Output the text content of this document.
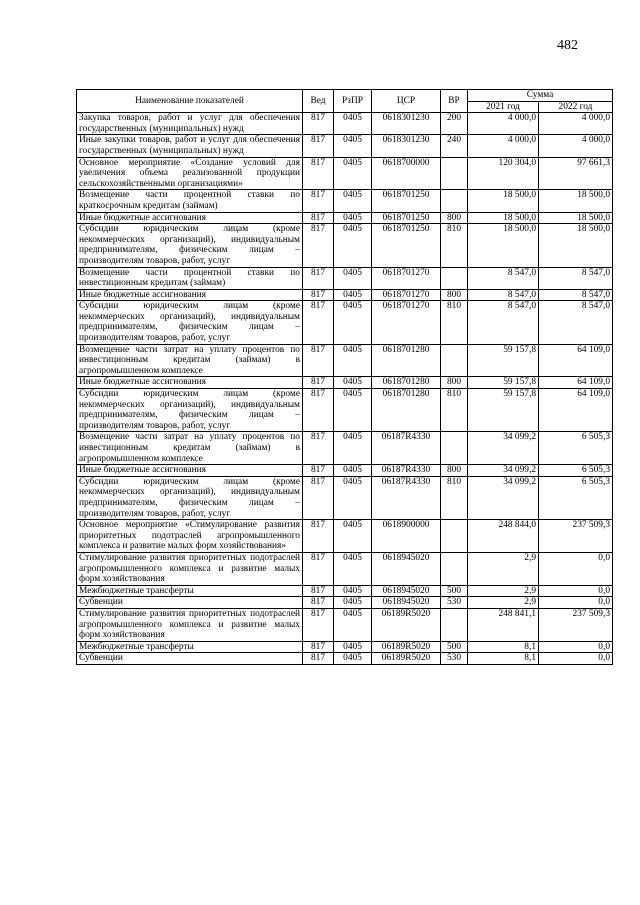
482
Наименование показателей	Вед	РзПР	ЦСР	ВР	Сумма	
					2021 год	2022 год
Закупка товаров, работ и услуг для обеспечения государственных (муниципальных) нужд	817	0405	0618301230	200	4 000,0	4 000,0
Иные закупки товаров, работ и услуг для обеспечения государственных (муниципальных) нужд	817	0405	0618301230	240	4 000,0	4 000,0
Основное мероприятие «Создание условий для увеличения объема реализованной продукции сельскохозяйственными организациями»	817	0405	0618700000		120 304,0	97 661,3
Возмещение части процентной ставки по краткосрочным кредитам (займам)	817	0405	0618701250		18 500,0	18 500,0
Иные бюджетные ассигнования	817	0405	0618701250	800	18 500,0	18 500,0
Субсидии юридическим лицам (кроме некоммерческих организаций), индивидуальным предпринимателям, физическим лицам – производителям товаров, работ, услуг	817	0405	0618701250	810	18 500,0	18 500,0
Возмещение части процентной ставки по инвестиционным кредитам (займам)	817	0405	0618701270		8 547,0	8 547,0
Иные бюджетные ассигнования	817	0405	0618701270	800	8 547,0	8 547,0
Субсидии юридическим лицам (кроме некоммерческих организаций), индивидуальным предпринимателям, физическим лицам – производителям товаров, работ, услуг	817	0405	0618701270	810	8 547,0	8 547,0
Возмещение части затрат на уплату процентов по инвестиционным кредитам (займам) в агропромышленном комплексе	817	0405	0618701280		59 157,8	64 109,0
Иные бюджетные ассигнования	817	0405	0618701280	800	59 157,8	64 109,0
Субсидии юридическим лицам (кроме некоммерческих организаций), индивидуальным предпринимателям, физическим лицам – производителям товаров, работ, услуг	817	0405	0618701280	810	59 157,8	64 109,0
Возмещение части затрат на уплату процентов по инвестиционным кредитам (займам) в агропромышленном комплексе	817	0405	06187R4330		34 099,2	6 505,3
Иные бюджетные ассигнования	817	0405	06187R4330	800	34 099,2	6 505,3
Субсидии юридическим лицам (кроме некоммерческих организаций), индивидуальным предпринимателям, физическим лицам – производителям товаров, работ, услуг	817	0405	06187R4330	810	34 099,2	6 505,3
Основное мероприятие «Стимулирование развития приоритетных подотраслей агропромышленного комплекса и развитие малых форм хозяйствования»	817	0405	0618900000		248 844,0	237 509,3
Стимулирование развития приоритетных подотраслей агропромышленного комплекса и развитие малых форм хозяйствования	817	0405	0618945020		2,9	0,0
Межбюджетные трансферты	817	0405	0618945020	500	2,9	0,0
Субвенции	817	0405	0618945020	530	2,9	0,0
Стимулирование развития приоритетных подотраслей агропромышленного комплекса и развитие малых форм хозяйствования	817	0405	06189R5020		248 841,1	237 509,3
Межбюджетные трансферты	817	0405	06189R5020	500	8,1	0,0
Субвенции	817	0405	06189R5020	530	8,1	0,0
